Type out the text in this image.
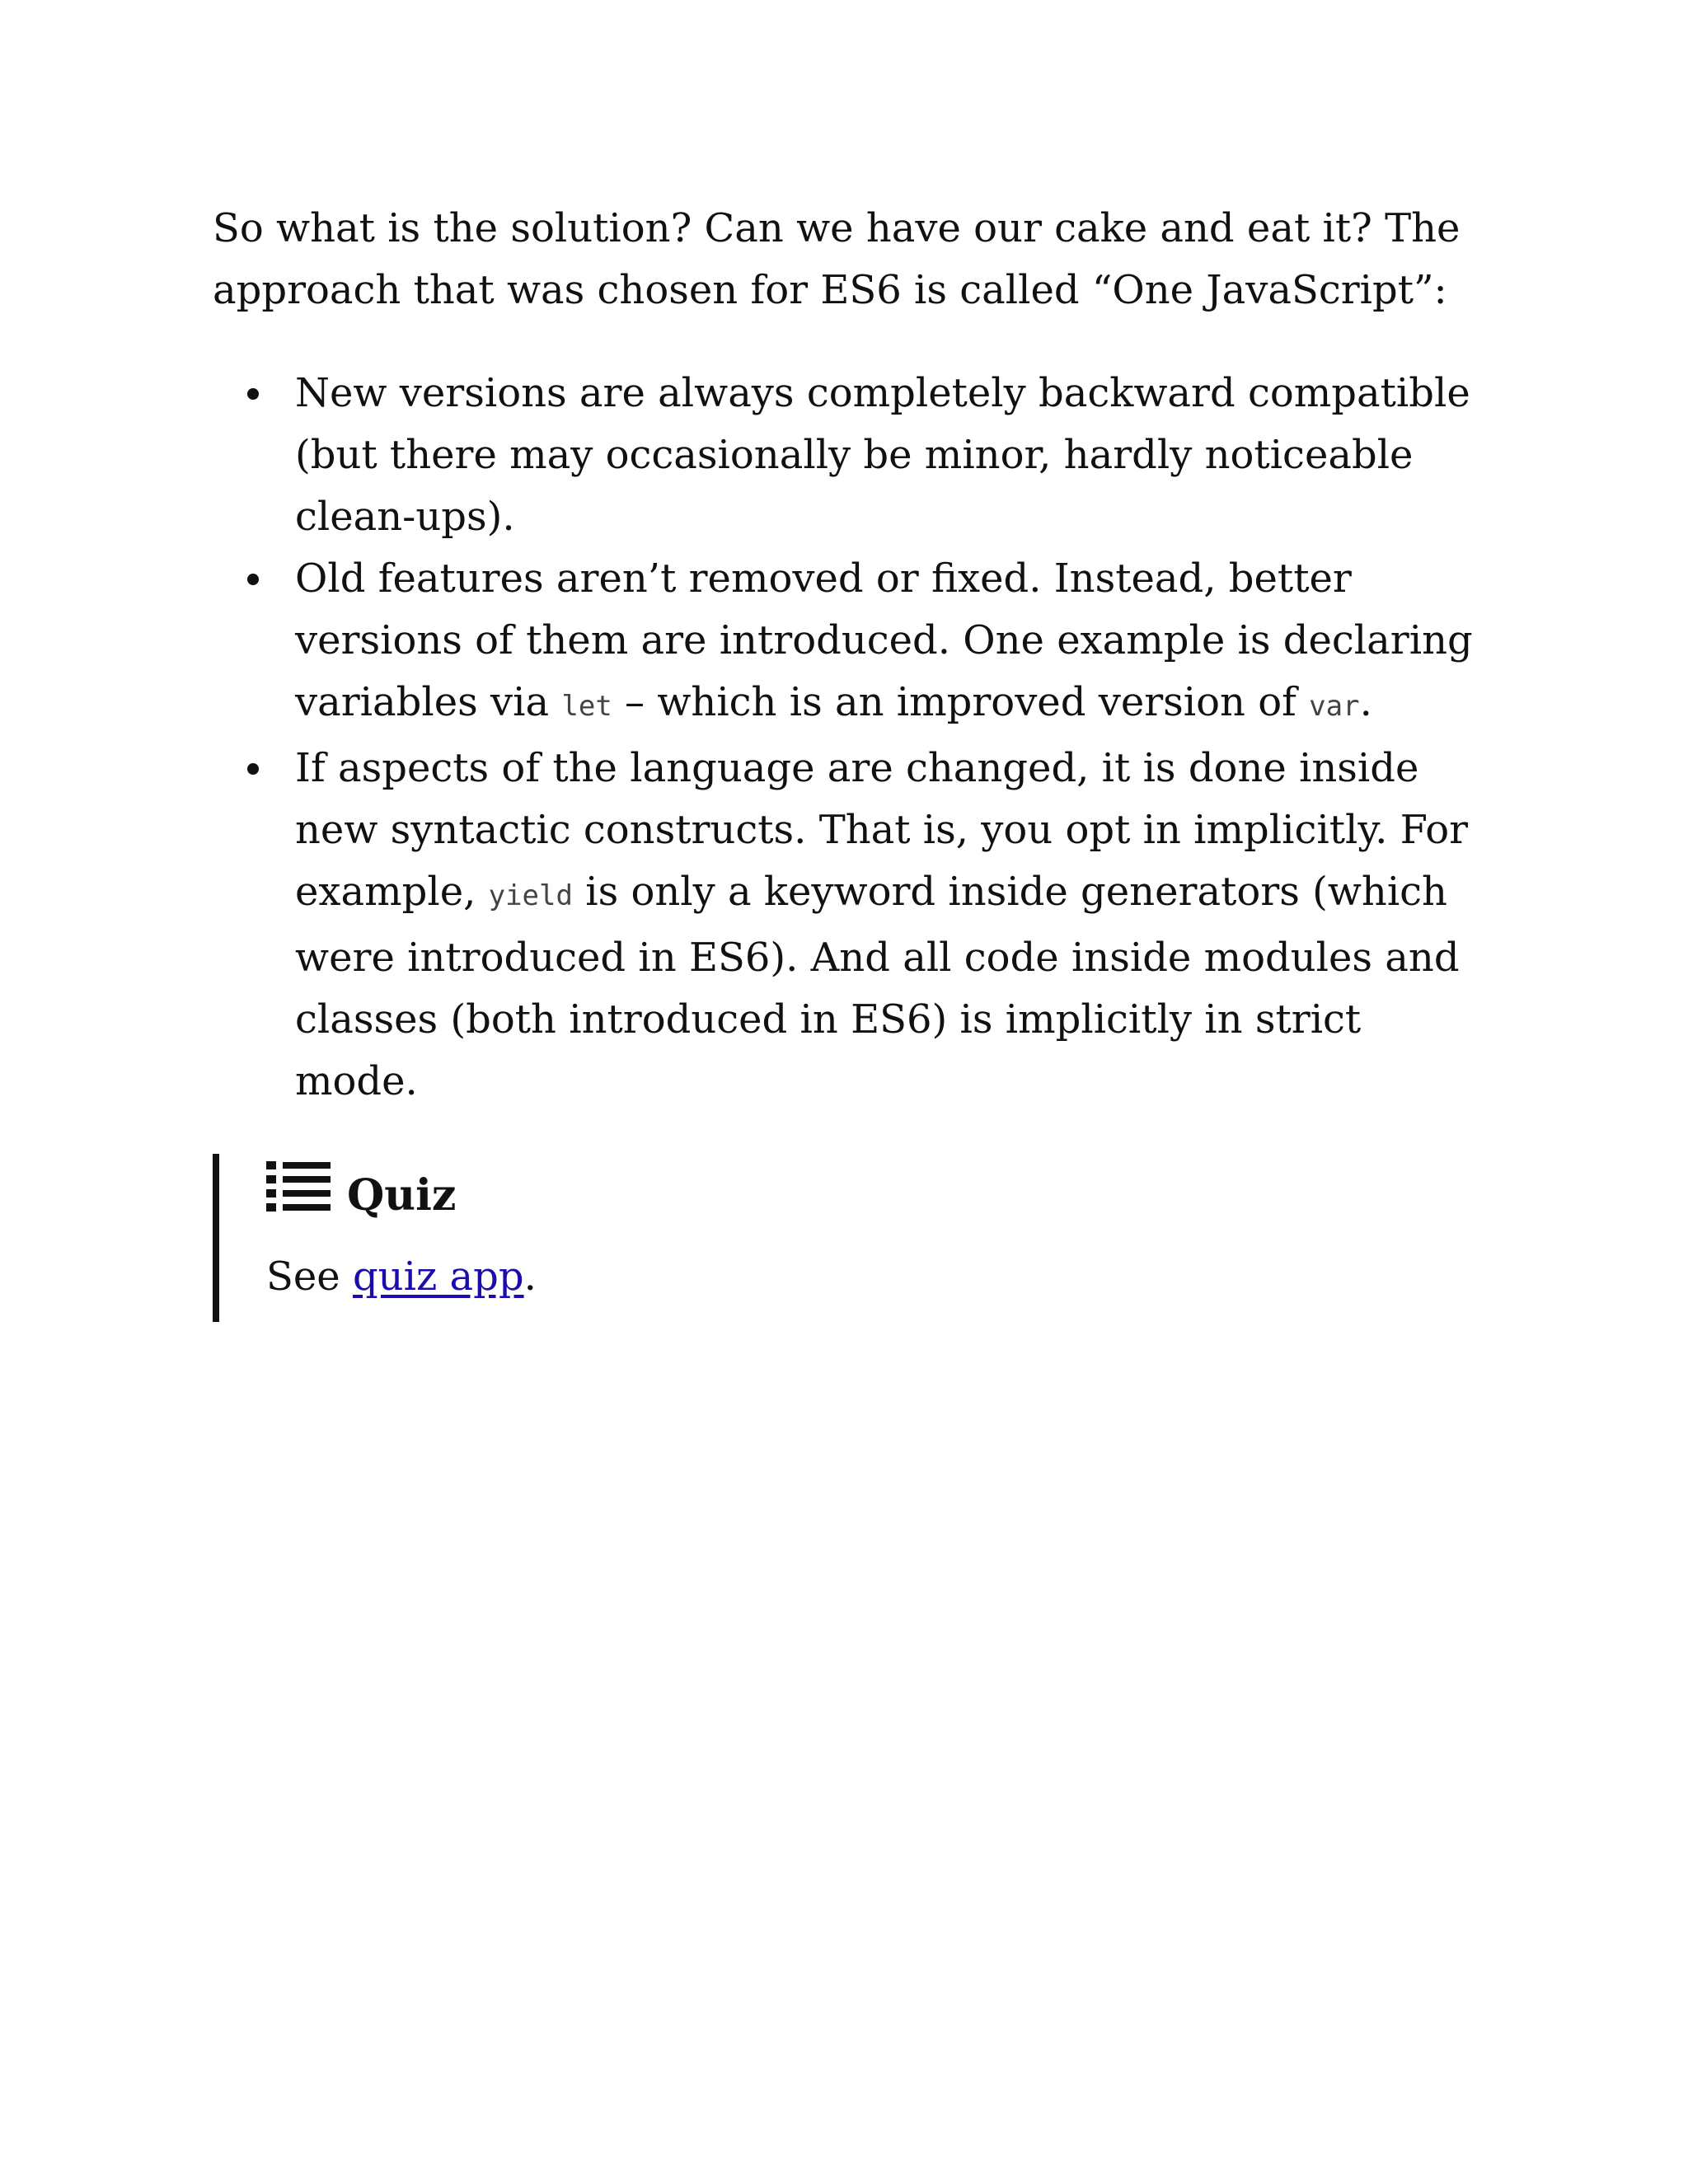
So what is the solution? Can we have our cake and eat it? The approach that was chosen for ES6 is called “One JavaScript”:

New versions are always completely backward compatible (but there may occasionally be minor, hardly noticeable clean-ups).
Old features aren’t removed or fixed. Instead, better versions of them are introduced. One example is declaring variables via let – which is an improved version of var.
If aspects of the language are changed, it is done inside new syntactic constructs. That is, you opt in implicitly. For example, yield is only a keyword inside generators (which were introduced in ES6). And all code inside modules and classes (both introduced in ES6) is implicitly in strict mode.
Quiz
See quiz app.
